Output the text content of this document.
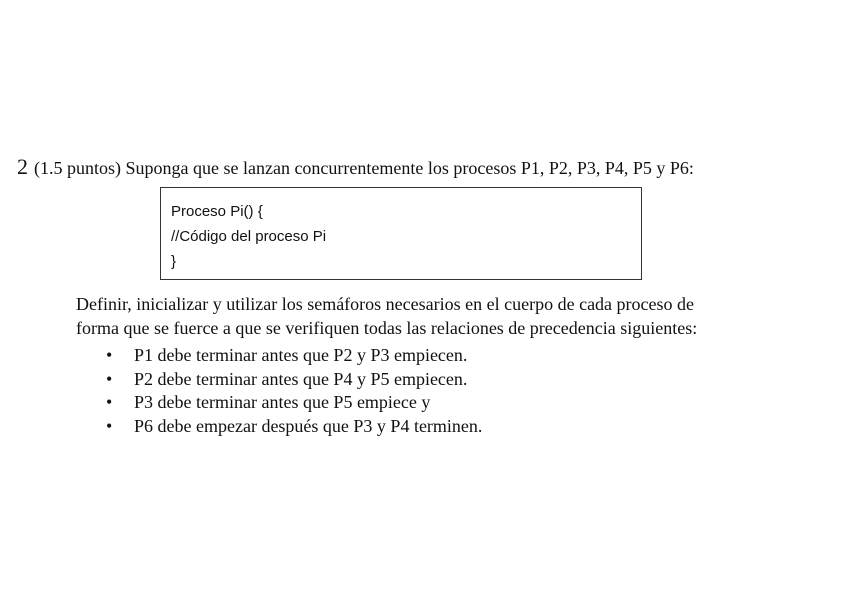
2 (1.5 puntos) Suponga que se lanzan concurrentemente los procesos P1, P2, P3, P4, P5 y P6:
Proceso Pi() {
//Código del proceso Pi
}
Definir, inicializar y utilizar los semáforos necesarios en el cuerpo de cada proceso de
forma que se fuerce a que se verifiquen todas las relaciones de precedencia siguientes:
• P1 debe terminar antes que P2 y P3 empiecen.
• P2 debe terminar antes que P4 y P5 empiecen.
• P3 debe terminar antes que P5 empiece y
• P6 debe empezar después que P3 y P4 terminen.
